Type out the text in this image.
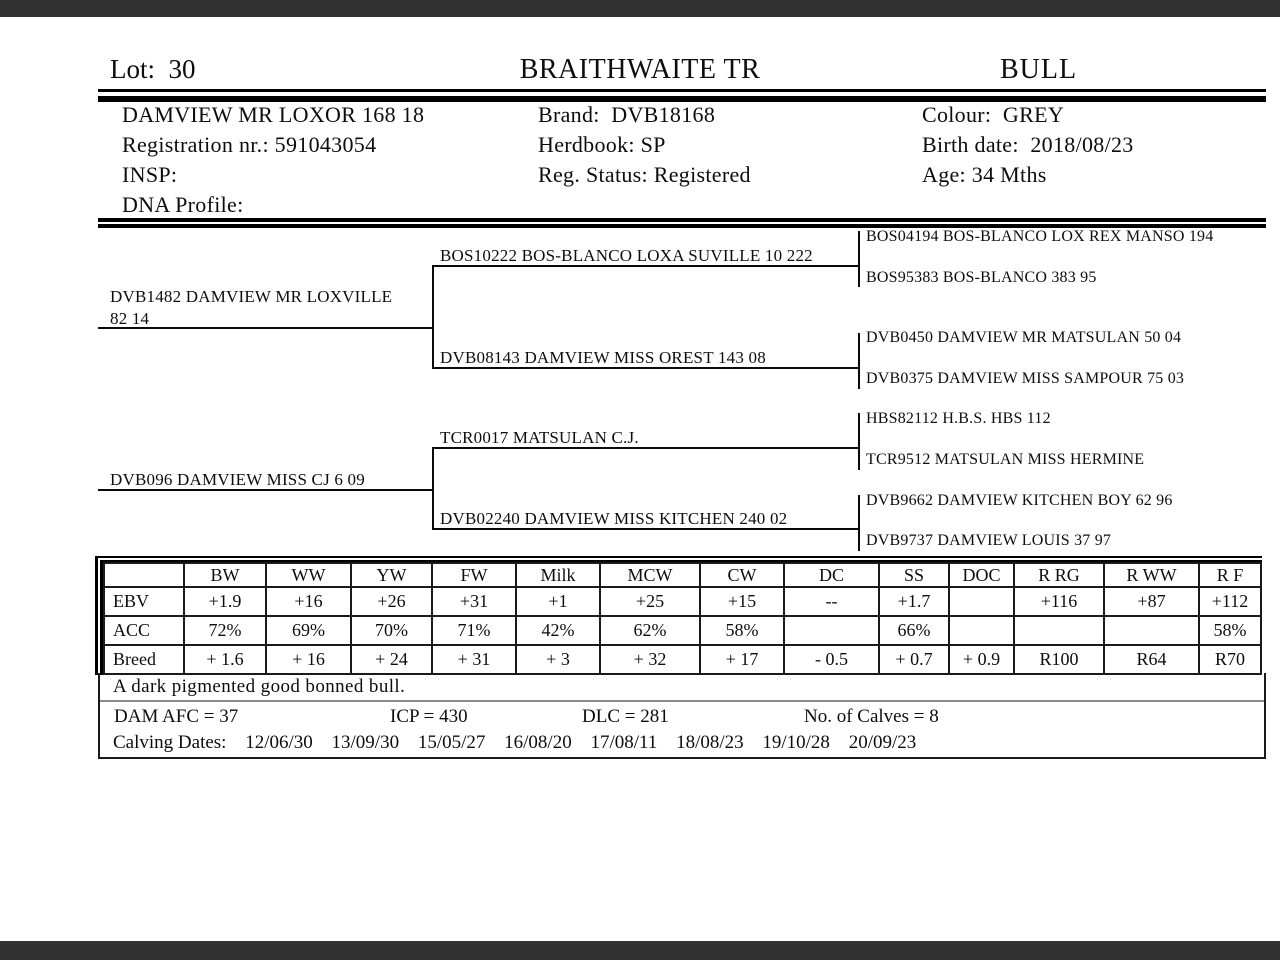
Lot:  30	BRAITHWAITE TR	BULL
DAMVIEW MR LOXOR 168 18
Registration nr.: 591043054
INSP:
DNA Profile:
Brand:  DVB18168
Herdbook: SP
Reg. Status: Registered
Colour:  GREY
Birth date:  2018/08/23
Age: 34 Mths
DVB1482 DAMVIEW MR LOXVILLE
82 14
DVB096 DAMVIEW MISS CJ 6 09
BOS10222 BOS-BLANCO LOXA SUVILLE 10 222
DVB08143 DAMVIEW MISS OREST 143 08
TCR0017 MATSULAN C.J.
DVB02240 DAMVIEW MISS KITCHEN 240 02
BOS04194 BOS-BLANCO LOX REX MANSO 194
BOS95383 BOS-BLANCO 383 95
DVB0450 DAMVIEW MR MATSULAN 50 04
DVB0375 DAMVIEW MISS SAMPOUR 75 03
HBS82112 H.B.S. HBS 112
TCR9512 MATSULAN MISS HERMINE
DVB9662 DAMVIEW KITCHEN BOY 62 96
DVB9737 DAMVIEW LOUIS 37 97
	BW	WW	YW	FW	Milk	MCW	CW	DC	SS	DOC	R RG	R WW	R F
EBV	+1.9	+16	+26	+31	+1	+25	+15	--	+1.7		+116	+87	+112
ACC	72%	69%	70%	71%	42%	62%	58%		66%				58%
Breed	+ 1.6	+ 16	+ 24	+ 31	+ 3	+ 32	+ 17	- 0.5	+ 0.7	+ 0.9	R100	R64	R70
A dark pigmented good bonned bull.
DAM AFC = 37	ICP = 430	DLC = 281	No. of Calves = 8
Calving Dates: 12/06/30 13/09/30 15/05/27 16/08/20 17/08/11 18/08/23 19/10/28 20/09/23
